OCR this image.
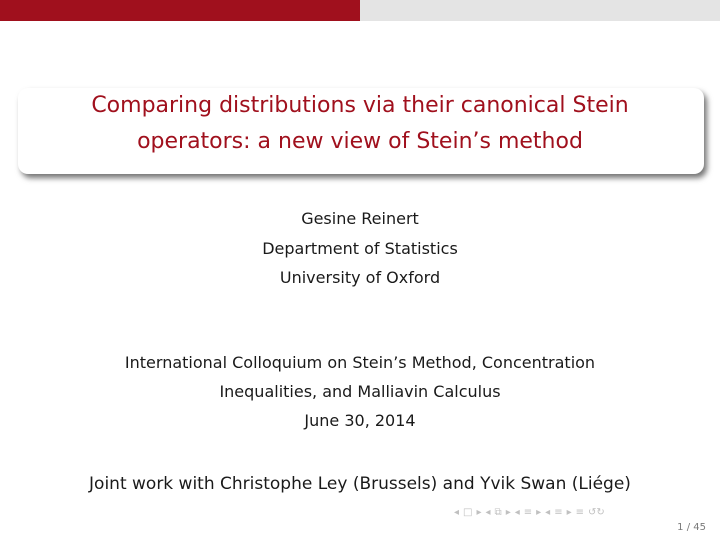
Comparing distributions via their canonical Stein
operators: a new view of Stein’s method
Gesine Reinert
Department of Statistics
University of Oxford
International Colloquium on Stein’s Method, Concentration
Inequalities, and Malliavin Calculus
June 30, 2014
Joint work with Christophe Ley (Brussels) and Yvik Swan (Liége)
◂ □ ▸ ◂ ⧉ ▸ ◂ ≡ ▸ ◂ ≡ ▸ ≡ ↺↻
1 / 45
